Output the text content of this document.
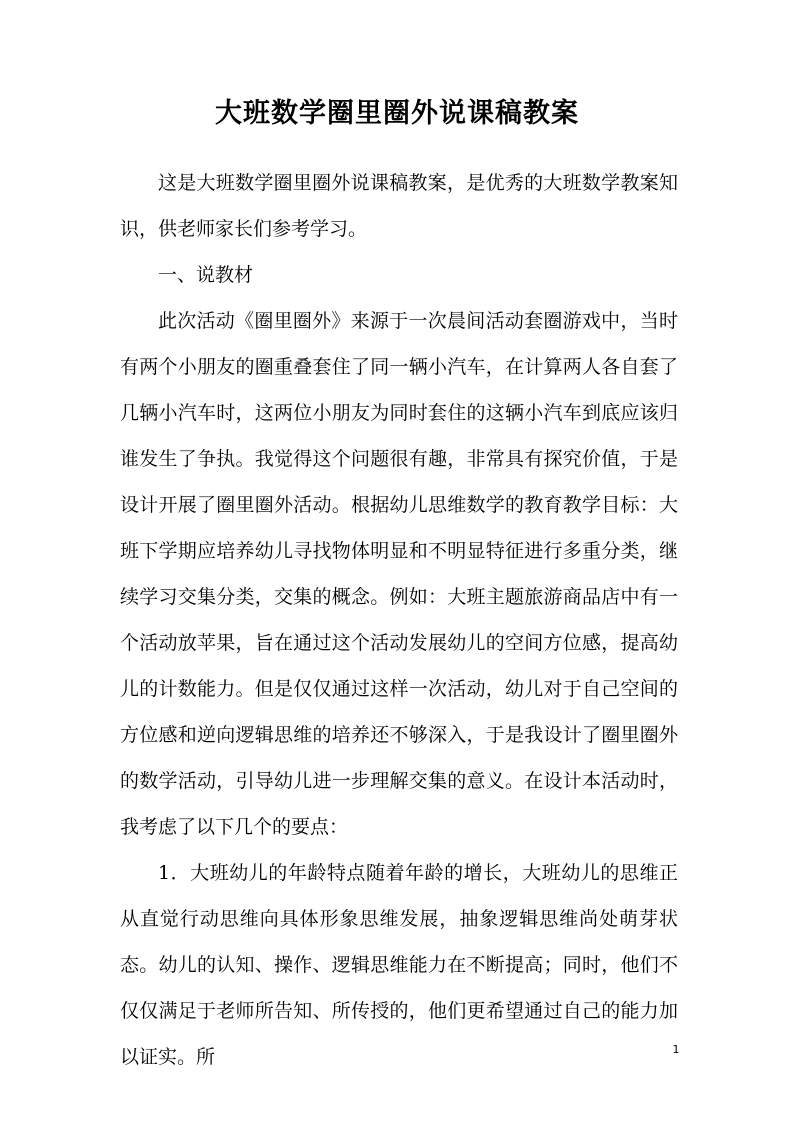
大班数学圈里圈外说课稿教案

这是大班数学圈里圈外说课稿教案，是优秀的大班数学教案知识，供老师家长们参考学习。

一、说教材

此次活动《圈里圈外》来源于一次晨间活动套圈游戏中，当时有两个小朋友的圈重叠套住了同一辆小汽车，在计算两人各自套了几辆小汽车时，这两位小朋友为同时套住的这辆小汽车到底应该归谁发生了争执。我觉得这个问题很有趣，非常具有探究价值，于是设计开展了圈里圈外活动。根据幼儿思维数学的教育教学目标：大班下学期应培养幼儿寻找物体明显和不明显特征进行多重分类，继续学习交集分类，交集的概念。例如：大班主题旅游商品店中有一个活动放苹果，旨在通过这个活动发展幼儿的空间方位感，提高幼儿的计数能力。但是仅仅通过这样一次活动，幼儿对于自己空间的方位感和逆向逻辑思维的培养还不够深入，于是我设计了圈里圈外的数学活动，引导幼儿进一步理解交集的意义。在设计本活动时，我考虑了以下几个的要点：

1．大班幼儿的年龄特点随着年龄的增长，大班幼儿的思维正从直觉行动思维向具体形象思维发展，抽象逻辑思维尚处萌芽状态。幼儿的认知、操作、逻辑思维能力在不断提高；同时，他们不仅仅满足于老师所告知、所传授的，他们更希望通过自己的能力加以证实。所	1
